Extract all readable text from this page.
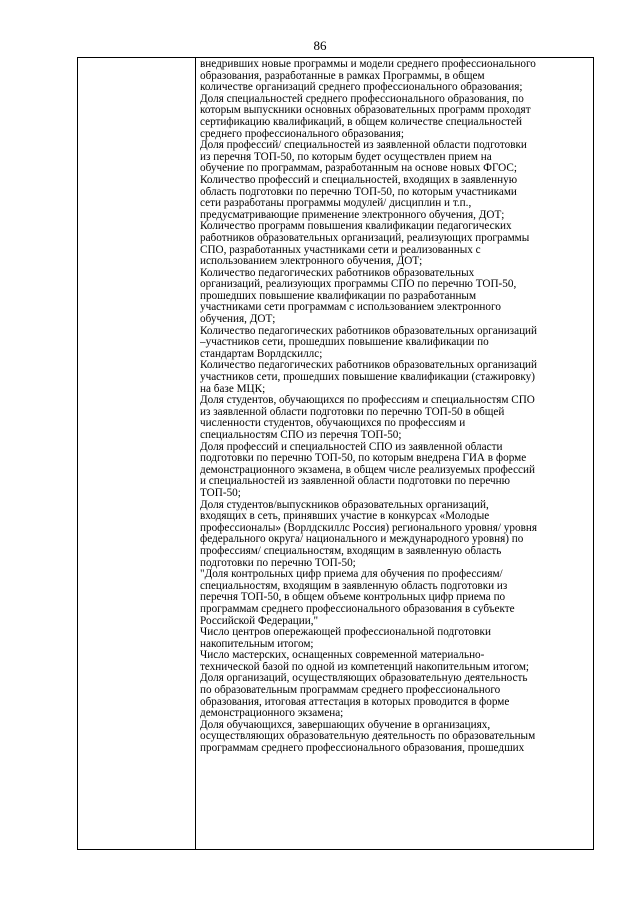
86

внедривших новые программы и модели среднего профессионального
образования, разработанные в рамках Программы, в общем
количестве организаций среднего профессионального образования;
Доля специальностей среднего профессионального образования, по
которым выпускники основных образовательных программ проходят
сертификацию квалификаций, в общем количестве специальностей
среднего профессионального образования;
Доля профессий/ специальностей из заявленной области подготовки
из перечня ТОП-50, по которым будет осуществлен прием на
обучение по программам, разработанным на основе новых ФГОС;
Количество профессий и специальностей, входящих в заявленную
область подготовки по перечню ТОП-50, по которым участниками
сети разработаны программы модулей/ дисциплин и т.п.,
предусматривающие применение электронного обучения, ДОТ;
Количество программ повышения квалификации педагогических
работников образовательных организаций, реализующих программы
СПО, разработанных участниками сети и реализованных с
использованием электронного обучения, ДОТ;
Количество педагогических работников образовательных
организаций, реализующих программы СПО по перечню ТОП-50,
прошедших повышение квалификации по разработанным
участниками сети программам с использованием электронного
обучения, ДОТ;
Количество педагогических работников образовательных организаций
–участников сети, прошедших повышение квалификации по
стандартам Ворлдскиллс;
Количество педагогических работников образовательных организаций
участников сети, прошедших повышение квалификации (стажировку)
на базе МЦК;
Доля студентов, обучающихся по профессиям и специальностям СПО
из заявленной области подготовки по перечню ТОП-50 в общей
численности студентов, обучающихся по профессиям и
специальностям СПО из перечня ТОП-50;
Доля профессий и специальностей СПО из заявленной области
подготовки по перечню ТОП-50, по которым внедрена ГИА в форме
демонстрационного экзамена, в общем числе реализуемых профессий
и специальностей из заявленной области подготовки по перечню
ТОП-50;
Доля студентов/выпускников образовательных организаций,
входящих в сеть, принявших участие в конкурсах «Молодые
профессионалы» (Ворлдскиллс Россия) регионального уровня/ уровня
федерального округа/ национального и международного уровня) по
профессиям/ специальностям, входящим в заявленную область
подготовки по перечню ТОП-50;
"Доля контрольных цифр приема для обучения по профессиям/
специальностям, входящим в заявленную область подготовки из
перечня ТОП-50, в общем объеме контрольных цифр приема по
программам среднего профессионального образования в субъекте
Российской Федерации,"
Число центров опережающей профессиональной подготовки
накопительным итогом;
Число мастерских, оснащенных современной материально-
технической базой по одной из компетенций накопительным итогом;
Доля организаций, осуществляющих образовательную деятельность
по образовательным программам среднего профессионального
образования, итоговая аттестация в которых проводится в форме
демонстрационного экзамена;
Доля обучающихся, завершающих обучение в организациях,
осуществляющих образовательную деятельность по образовательным
программам среднего профессионального образования, прошедших
